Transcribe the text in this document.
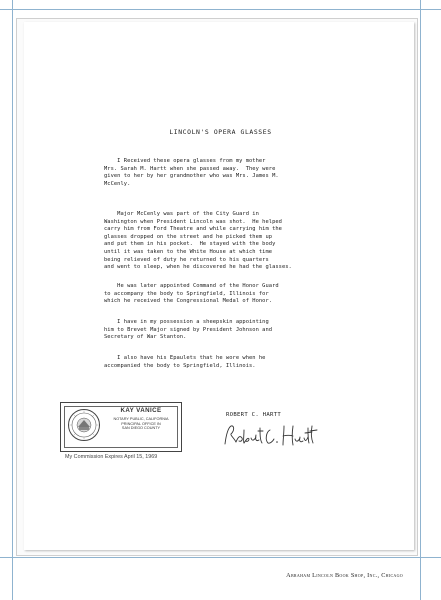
LINCOLN'S OPERA GLASSES
I Received these opera glasses from my mother
Mrs. Sarah M. Hartt when she passed away.  They were
given to her by her grandmother who was Mrs. James M.
McCenly.
Major McCenly was part of the City Guard in
Washington when President Lincoln was shot.  He helped
carry him from Ford Theatre and while carrying him the
glasses dropped on the street and he picked them up
and put them in his pocket.  He stayed with the body
until it was taken to the White House at which time
being relieved of duty he returned to his quarters
and went to sleep, when he discovered he had the glasses.
He was later appointed Command of the Honor Guard
to accompany the body to Springfield, Illinois for
which he received the Congressional Medal of Honor.
I have in my possession a sheepskin appointing
him to Brevet Major signed by President Johnson and
Secretary of War Stanton.
I also have his Epaulets that he wore when he
accompanied the body to Springfield, Illinois.
KAY VANICE
NOTARY PUBLIC, CALIFORNIA
PRINCIPAL OFFICE IN
SAN DIEGO COUNTY
My Commission Expires April 15, 1969
ROBERT C. HARTT
Abraham Lincoln Book Shop, Inc., Chicago
